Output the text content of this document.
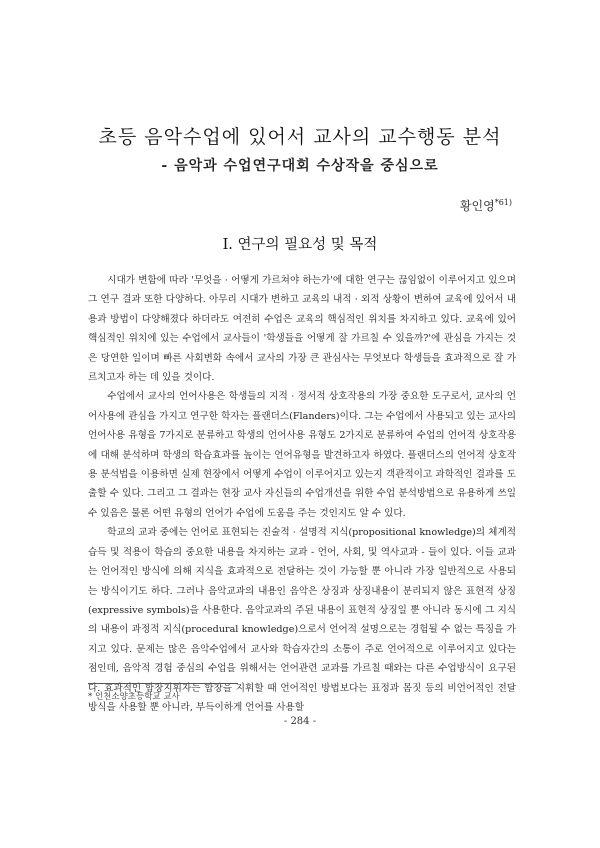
초등 음악수업에 있어서 교사의 교수행동 분석
- 음악과 수업연구대회 수상작을 중심으로
황인영$^{*61)}$
Ⅰ. 연구의 필요성 및 목적

시대가 변함에 따라 '무엇을 · 어떻게 가르쳐야 하는가'에 대한 연구는 끊임없이 이루어지고 있으며 그 연구 결과 또한 다양하다. 아무리 시대가 변하고 교육의 내적 · 외적 상황이 변하여 교육에 있어서 내용과 방법이 다양해졌다 하더라도 여전히 수업은 교육의 핵심적인 위치를 차지하고 있다. 교육에 있어 핵심적인 위치에 있는 수업에서 교사들이 '학생들을 어떻게 잘 가르칠 수 있을까?'에 관심을 가지는 것은 당연한 일이며 빠른 사회변화 속에서 교사의 가장 큰 관심사는 무엇보다 학생들을 효과적으로 잘 가르치고자 하는 데 있을 것이다.

수업에서 교사의 언어사용은 학생들의 지적 · 정서적 상호작용의 가장 중요한 도구로서, 교사의 언어사용에 관심을 가지고 연구한 학자는 플랜더스(Flanders)이다. 그는 수업에서 사용되고 있는 교사의 언어사용 유형을 7가지로 분류하고 학생의 언어사용 유형도 2가지로 분류하여 수업의 언어적 상호작용에 대해 분석하며 학생의 학습효과를 높이는 언어유형을 발견하고자 하였다. 플랜더스의 언어적 상호작용 분석법을 이용하면 실제 현장에서 어떻게 수업이 이루어지고 있는지 객관적이고 과학적인 결과를 도출할 수 있다. 그리고 그 결과는 현장 교사 자신들의 수업개선을 위한 수업 분석방법으로 유용하게 쓰일 수 있음은 물론 어떤 유형의 언어가 수업에 도움을 주는 것인지도 알 수 있다.

학교의 교과 중에는 언어로 표현되는 진술적 · 설명적 지식(propositional knowledge)의 체계적 습득 및 적용이 학습의 중요한 내용을 차지하는 교과 - 언어, 사회, 및 역사교과 - 들이 있다. 이들 교과는 언어적인 방식에 의해 지식을 효과적으로 전달하는 것이 가능할 뿐 아니라 가장 일반적으로 사용되는 방식이기도 하다. 그러나 음악교과의 내용인 음악은 상징과 상징내용이 분리되지 않은 표현적 상징(expressive symbols)을 사용한다. 음악교과의 주된 내용이 표현적 상징일 뿐 아니라 동시에 그 지식의 내용이 과정적 지식(procedural knowledge)으로서 언어적 설명으로는 경험될 수 없는 특징을 가지고 있다. 문제는 많은 음악수업에서 교사와 학습자간의 소통이 주로 언어적으로 이루어지고 있다는 점인데, 음악적 경험 중심의 수업을 위해서는 언어관련 교과를 가르칠 때와는 다른 수업방식이 요구된다. 효과적인 합창지휘자는 합창을 지휘할 때 언어적인 방법보다는 표정과 몸짓 등의 비언어적인 전달방식을 사용할 뿐 아니라, 부득이하게 언어를 사용할

* 인천소양초등학교 교사
- 284 -
